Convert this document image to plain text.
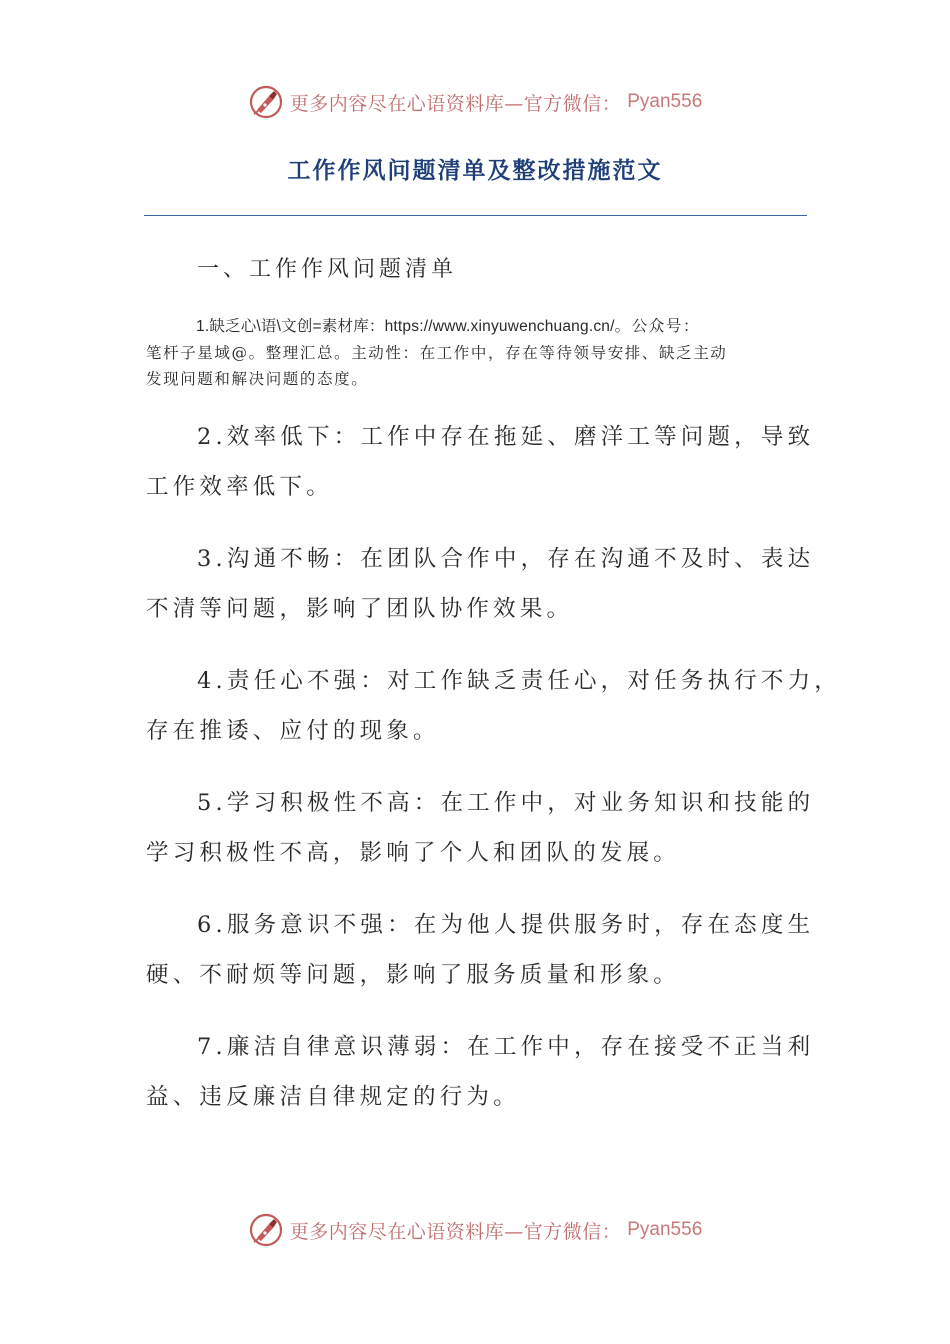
更多内容尽在心语资料库—官方微信： Pyan556
工作作风问题清单及整改措施范文
一、工作作风问题清单
1.缺乏心\语\文创=素材库：https://www.xinyuwenchuang.cn/。公众号：
笔杆子星域@。整理汇总。主动性：在工作中，存在等待领导安排、缺乏主动
发现问题和解决问题的态度。
2.效率低下：工作中存在拖延、磨洋工等问题，导致
工作效率低下。
3.沟通不畅：在团队合作中，存在沟通不及时、表达
不清等问题，影响了团队协作效果。
4.责任心不强：对工作缺乏责任心，对任务执行不力，
存在推诿、应付的现象。
5.学习积极性不高：在工作中，对业务知识和技能的
学习积极性不高，影响了个人和团队的发展。
6.服务意识不强：在为他人提供服务时，存在态度生
硬、不耐烦等问题，影响了服务质量和形象。
7.廉洁自律意识薄弱：在工作中，存在接受不正当利
益、违反廉洁自律规定的行为。
更多内容尽在心语资料库—官方微信： Pyan556
